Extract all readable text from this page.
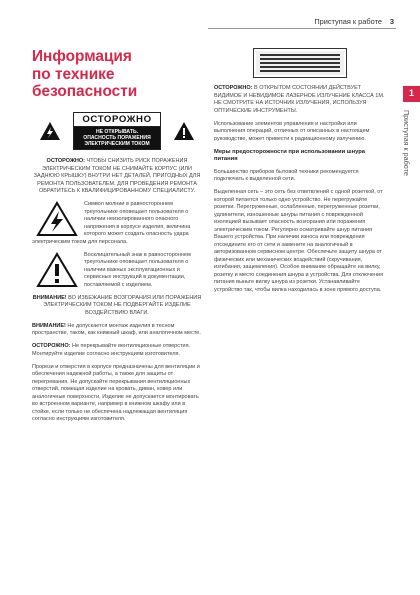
Приступая к работе 3
1
Приступая к работе
Информация
по технике
безопасности
ОСТОРОЖНО
НЕ ОТКРЫВАТЬ.
ОПАСНОСТЬ ПОРАЖЕНИЯ
ЭЛЕКТРИЧЕСКИМ ТОКОМ

ОСТОРОЖНО: ЧТОБЫ СНИЗИТЬ РИСК ПОРАЖЕНИЯ ЭЛЕКТРИЧЕСКИМ ТОКОМ НЕ СНИМАЙТЕ КОРПУС (ИЛИ ЗАДНЮЮ КРЫШКУ) ВНУТРИ НЕТ ДЕТАЛЕЙ, ПРИГОДНЫХ ДЛЯ РЕМОНТА ПОЛЬЗОВАТЕЛЕМ. ДЛЯ ПРОВЕДЕНИЯ РЕМОНТА ОБРАТИТЕСЬ К КВАЛИФИЦИРОВАННОМУ СПЕЦИАЛИСТУ.

Символ молнии в равностороннем треугольнике оповещает пользователя о наличии неизолированного опасного напряжения в корпусе изделия, величина которого может создать опасность удара электрическим током для персонала.

Восклицательный знак в равностороннем треугольнике оповещает пользователя о наличии важных эксплуатационных и сервисных инструкций в документации, поставляемой с изделием.

ВНИМАНИЕ! ВО ИЗБЕЖАНИЕ ВОЗГОРАНИЯ ИЛИ ПОРАЖЕНИЯ ЭЛЕКТРИЧЕСКИМ ТОКОМ НЕ ПОДВЕРГАЙТЕ ИЗДЕЛИЕ ВОЗДЕЙСТВИЮ ВЛАГИ.

ВНИМАНИЕ! Не допускается монтаж изделия в тесном пространстве, таком, как книжный шкаф, или аналогичном месте.

ОСТОРОЖНО: Не перекрывайте вентиляционные отверстия. Монтируйте изделие согласно инструкциям изготовителя.

Прорези и отверстия в корпусе предназначены для вентиляции и обеспечения надежной работы, а также для защиты от перегревания. Не допускайте перекрывания вентиляционных отверстий, помещая изделие на кровать, диван, ковер или аналогичные поверхности. Изделие не допускается монтировать во встроенном варианте, например в книжном шкафу или в стойке, если только не обеспечена надлежащая вентиляция согласно инструкциям изготовителя.

ОСТОРОЖНО: В ОТКРЫТОМ СОСТОЯНИИ ДЕЙСТВУЕТ ВИДИМОЕ И НЕВИДИМОЕ ЛАЗЕРНОЕ ИЗЛУЧЕНИЕ КЛАССА 1M. НЕ СМОТРИТЕ НА ИСТОЧНИК ИЗЛУЧЕНИЯ, ИСПОЛЬЗУЯ ОПТИЧЕСКИЕ ИНСТРУМЕНТЫ.

Использование элементов управления и настройки или выполнения операций, отличных от описанных в настоящем руководстве, может привести к радиационному излучению.

Меры предосторожности при использовании шнура питания

Большинство приборов бытовой техники рекомендуется подключать к выделенной сети.

Выделенная сеть – это сеть без ответвлений с одной розеткой, от которой питается только одно устройство. Не перегружайте розетки. Перегруженные, ослабленные, перегруженные розетки, удлинители, изношенные шнуры питания с поврежденной изоляцией вызывает опасность возгорания или поражения электрическим током. Регулярно осматривайте шнур питания Вашего устройства. При наличии износа или повреждения отсоедините его от сети и замените на аналогичный в авторизованном сервисном центре. Обеспечьте защиту шнура от физических или механических воздействий (скручивания, изгибания, защемления). Особое внимание обращайте на вилку, розетку и место соединения шнура и устройства. Для отключения питания выньте вилку шнура из розетки. Устанавливайте устройство так, чтобы вилка находилась в зоне прямого доступа.
